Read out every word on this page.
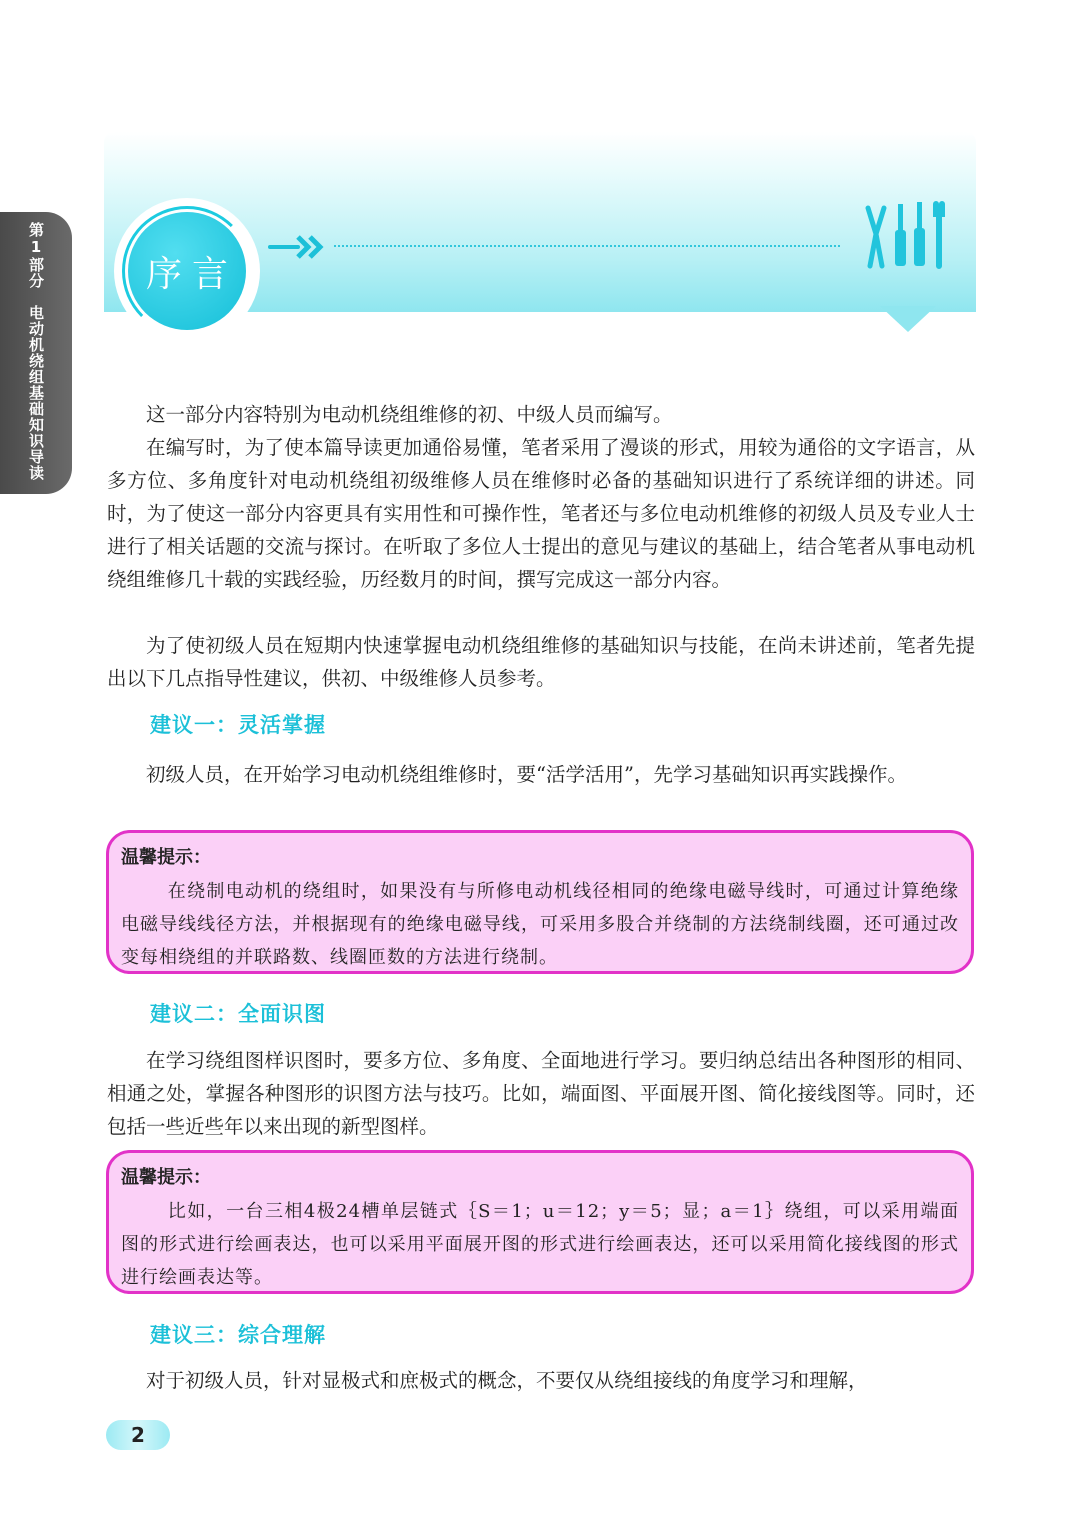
第1部分　电动机绕组基础知识导读	序言
这一部分内容特别为电动机绕组维修的初、中级人员而编写。
在编写时，为了使本篇导读更加通俗易懂，笔者采用了漫谈的形式，用较为通俗的文字语言，从多方位、多角度针对电动机绕组初级维修人员在维修时必备的基础知识进行了系统详细的讲述。同时，为了使这一部分内容更具有实用性和可操作性，笔者还与多位电动机维修的初级人员及专业人士进行了相关话题的交流与探讨。在听取了多位人士提出的意见与建议的基础上，结合笔者从事电动机绕组维修几十载的实践经验，历经数月的时间，撰写完成这一部分内容。
为了使初级人员在短期内快速掌握电动机绕组维修的基础知识与技能，在尚未讲述前，笔者先提出以下几点指导性建议，供初、中级维修人员参考。
建议一：灵活掌握
初级人员，在开始学习电动机绕组维修时，要“活学活用”，先学习基础知识再实践操作。
温馨提示：
在绕制电动机的绕组时，如果没有与所修电动机线径相同的绝缘电磁导线时，可通过计算绝缘电磁导线线径方法，并根据现有的绝缘电磁导线，可采用多股合并绕制的方法绕制线圈，还可通过改变每相绕组的并联路数、线圈匝数的方法进行绕制。
建议二：全面识图
在学习绕组图样识图时，要多方位、多角度、全面地进行学习。要归纳总结出各种图形的相同、相通之处，掌握各种图形的识图方法与技巧。比如，端面图、平面展开图、简化接线图等。同时，还包括一些近些年以来出现的新型图样。
温馨提示：
比如，一台三相4极24槽单层链式｛S＝1；u＝12；y＝5；显；a＝1｝绕组，可以采用端面图的形式进行绘画表达，也可以采用平面展开图的形式进行绘画表达，还可以采用简化接线图的形式进行绘画表达等。
建议三：综合理解
对于初级人员，针对显极式和庶极式的概念，不要仅从绕组接线的角度学习和理解，
2
